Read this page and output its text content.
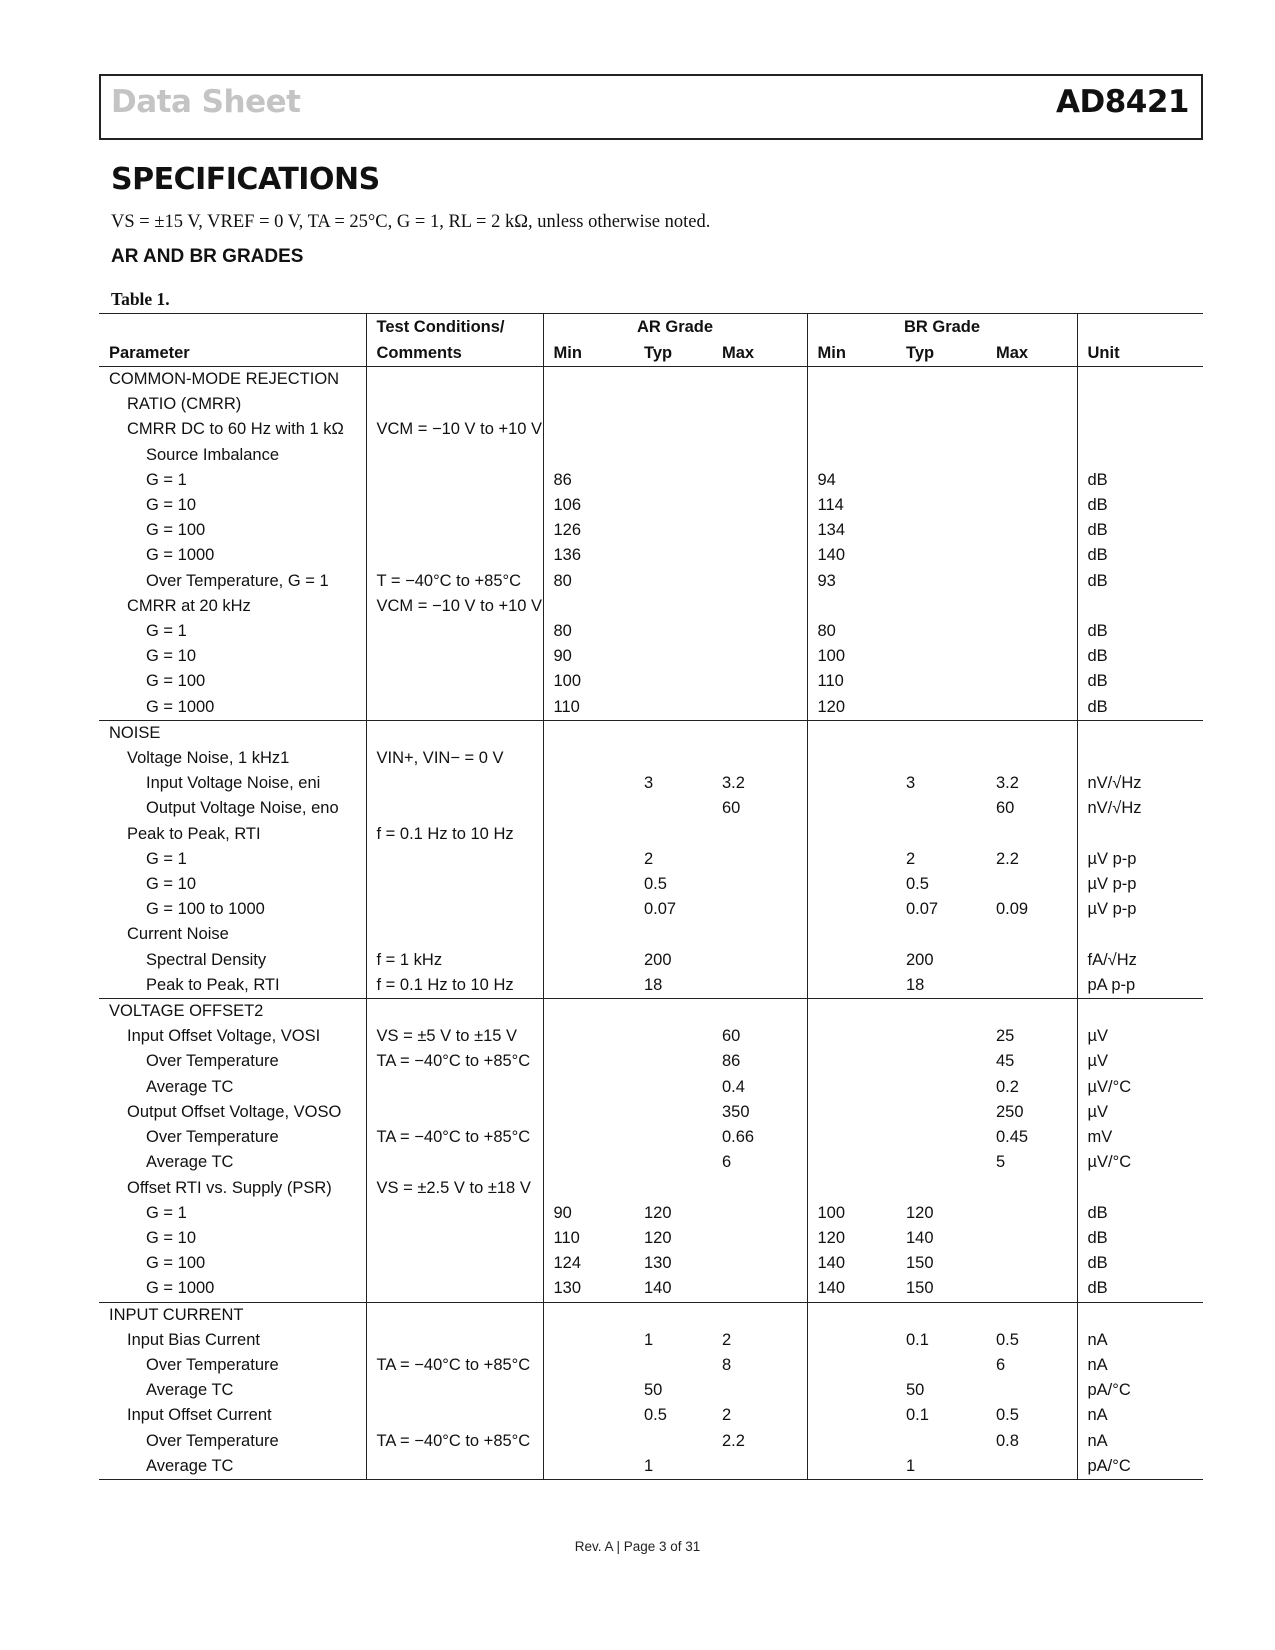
Data Sheet	AD8421
SPECIFICATIONS
VS = ±15 V, VREF = 0 V, TA = 25°C, G = 1, RL = 2 kΩ, unless otherwise noted.
AR AND BR GRADES
Table 1.
	Test Conditions/	AR Grade			BR Grade			
Parameter	Comments	Min	Typ	Max	Min	Typ	Max	Unit
COMMON-MODE REJECTION								
RATIO (CMRR)								
CMRR DC to 60 Hz with 1 kΩ	VCM = −10 V to +10 V							
Source Imbalance								
G = 1		86			94			dB
G = 10		106			114			dB
G = 100		126			134			dB
G = 1000		136			140			dB
Over Temperature, G = 1	T = −40°C to +85°C	80			93			dB
CMRR at 20 kHz	VCM = −10 V to +10 V							
G = 1		80			80			dB
G = 10		90			100			dB
G = 100		100			110			dB
G = 1000		110			120			dB
NOISE								
Voltage Noise, 1 kHz1	VIN+, VIN− = 0 V							
Input Voltage Noise, eni			3	3.2		3	3.2	nV/√Hz
Output Voltage Noise, eno				60			60	nV/√Hz
Peak to Peak, RTI	f = 0.1 Hz to 10 Hz							
G = 1			2			2	2.2	µV p-p
G = 10			0.5			0.5		µV p-p
G = 100 to 1000			0.07			0.07	0.09	µV p-p
Current Noise								
Spectral Density	f = 1 kHz		200			200		fA/√Hz
Peak to Peak, RTI	f = 0.1 Hz to 10 Hz		18			18		pA p-p
VOLTAGE OFFSET2								
Input Offset Voltage, VOSI	VS = ±5 V to ±15 V			60			25	µV
Over Temperature	TA = −40°C to +85°C			86			45	µV
Average TC				0.4			0.2	µV/°C
Output Offset Voltage, VOSO				350			250	µV
Over Temperature	TA = −40°C to +85°C			0.66			0.45	mV
Average TC				6			5	µV/°C
Offset RTI vs. Supply (PSR)	VS = ±2.5 V to ±18 V							
G = 1		90	120		100	120		dB
G = 10		110	120		120	140		dB
G = 100		124	130		140	150		dB
G = 1000		130	140		140	150		dB
INPUT CURRENT								
Input Bias Current			1	2		0.1	0.5	nA
Over Temperature	TA = −40°C to +85°C			8			6	nA
Average TC			50			50		pA/°C
Input Offset Current			0.5	2		0.1	0.5	nA
Over Temperature	TA = −40°C to +85°C			2.2			0.8	nA
Average TC			1			1		pA/°C
Rev. A | Page 3 of 31
